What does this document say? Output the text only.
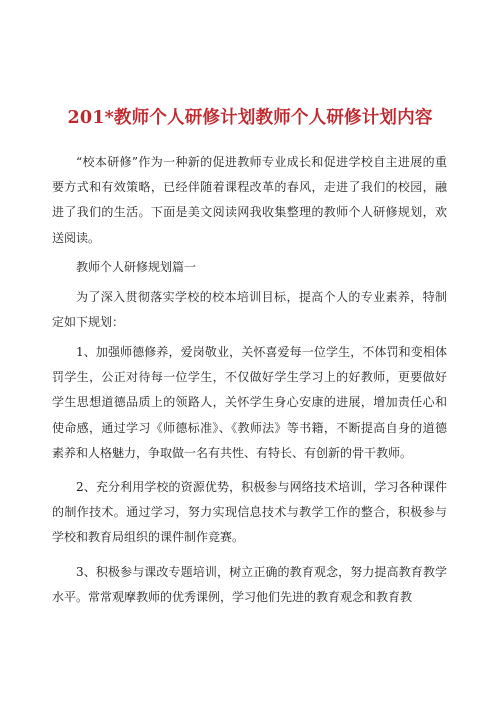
201*教师个人研修计划教师个人研修计划内容

“校本研修”作为一种新的促进教师专业成长和促进学校自主进展的重要方式和有效策略，已经伴随着课程改革的春风，走进了我们的校园，融进了我们的生活。下面是美文阅读网我收集整理的教师个人研修规划，欢送阅读。

教师个人研修规划篇一

为了深入贯彻落实学校的校本培训目标，提高个人的专业素养，特制定如下规划：

1、加强师德修养，爱岗敬业，关怀喜爱每一位学生，不体罚和变相体罚学生，公正对待每一位学生，不仅做好学生学习上的好教师，更要做好学生思想道德品质上的领路人，关怀学生身心安康的进展，增加责任心和使命感，通过学习《师德标准》、《教师法》等书籍，不断提高自身的道德素养和人格魅力，争取做一名有共性、有特长、有创新的骨干教师。

2、充分利用学校的资源优势，积极参与网络技术培训，学习各种课件的制作技术。通过学习，努力实现信息技术与教学工作的整合，积极参与学校和教育局组织的课件制作竞赛。

3、积极参与课改专题培训，树立正确的教育观念，努力提高教育教学水平。常常观摩教师的优秀课例，学习他们先进的教育观念和教育教
